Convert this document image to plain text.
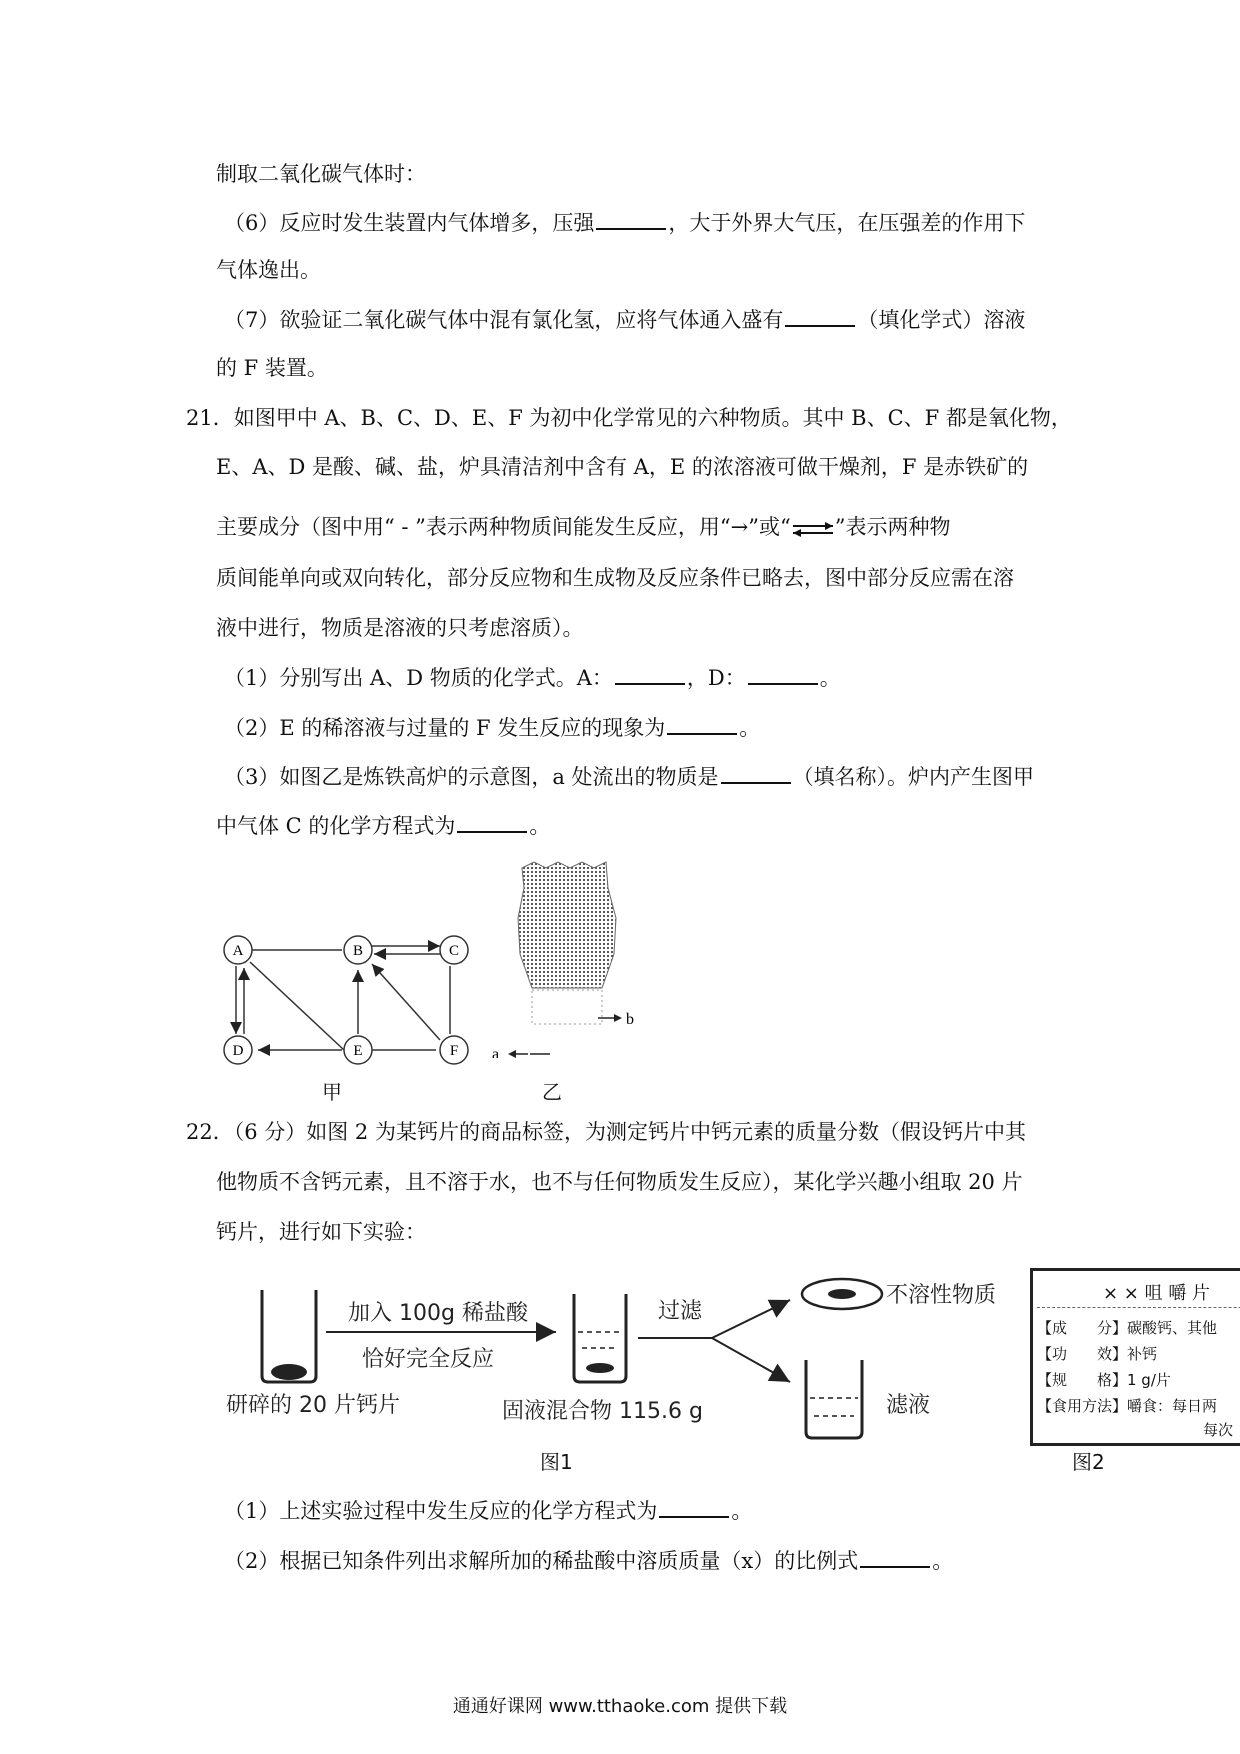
制取二氧化碳气体时：
（6）反应时发生装置内气体增多，压强	，大于外界大气压，在压强差的作用下
气体逸出。
（7）欲验证二氧化碳气体中混有氯化氢，应将气体通入盛有	（填化学式）溶液
的 F 装置。
21．如图甲中 A、B、C、D、E、F 为初中化学常见的六种物质。其中 B、C、F 都是氧化物，
E、A、D 是酸、碱、盐，炉具清洁剂中含有 A，E 的浓溶液可做干燥剂，F 是赤铁矿的
主要成分（图中用“ - ”表示两种物质间能发生反应，用“→”或“ ”表示两种物
质间能单向或双向转化，部分反应物和生成物及反应条件已略去，图中部分反应需在溶
液中进行，物质是溶液的只考虑溶质）。
（1）分别写出 A、D 物质的化学式。A：	，D：	。
（2）E 的稀溶液与过量的 F 发生反应的现象为	。
（3）如图乙是炼铁高炉的示意图，a 处流出的物质是	（填名称）。炉内产生图甲
中气体 C 的化学方程式为	。
A	B	C
D	E	F
甲
b
a
乙
22．（6 分）如图 2 为某钙片的商品标签，为测定钙片中钙元素的质量分数（假设钙片中其
他物质不含钙元素，且不溶于水，也不与任何物质发生反应），某化学兴趣小组取 20 片
钙片，进行如下实验：
加入 100g 稀盐酸
恰好完全反应
过滤
不溶性物质
滤液
研碎的 20 片钙片	固液混合物 115.6 g
图1
× × 咀 嚼 片
【成　　分】碳酸钙、其他
【功　　效】补钙
【规　　格】1 g/片
【食用方法】嚼食：每日两
每次
图2
（1）上述实验过程中发生反应的化学方程式为	。
（2）根据已知条件列出求解所加的稀盐酸中溶质质量（x）的比例式	。
通通好课网 www.tthaoke.com 提供下载
